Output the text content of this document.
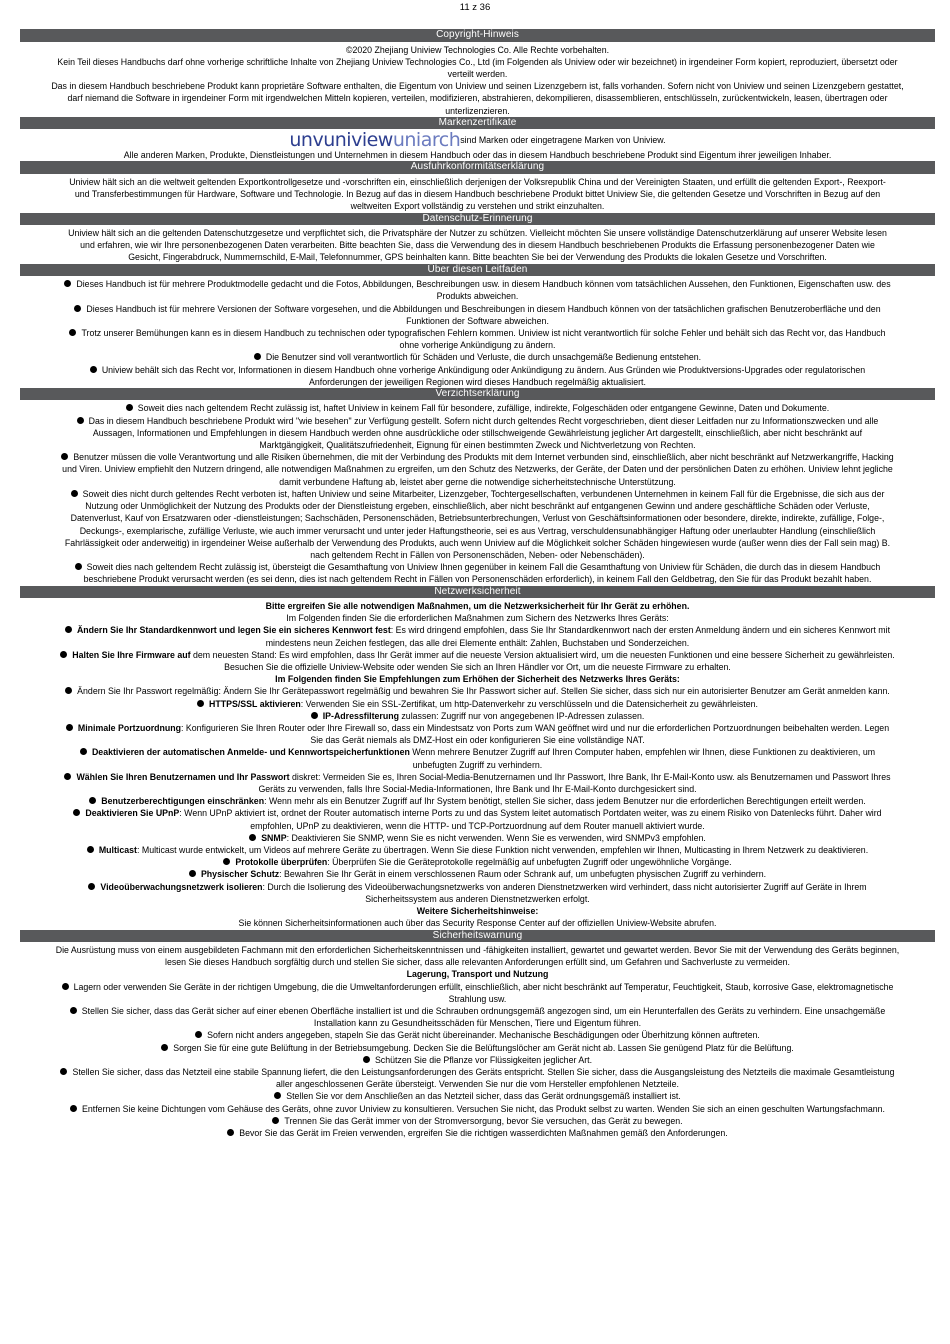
11 z 36
Copyright-Hinweis

©2020 Zhejiang Uniview Technologies Co. Alle Rechte vorbehalten.

Kein Teil dieses Handbuchs darf ohne vorherige schriftliche Inhalte von Zhejiang Uniview Technologies Co., Ltd (im Folgenden als Uniview oder wir bezeichnet) in irgendeiner Form kopiert, reproduziert, übersetzt oder verteilt werden.

Das in diesem Handbuch beschriebene Produkt kann proprietäre Software enthalten, die Eigentum von Uniview und seinen Lizenzgebern ist, falls vorhanden. Sofern nicht von Uniview und seinen Lizenzgebern gestattet, darf niemand die Software in irgendeiner Form mit irgendwelchen Mitteln kopieren, verteilen, modifizieren, abstrahieren, dekompilieren, disassemblieren, entschlüsseln, zurückentwickeln, leasen, übertragen oder unterlizenzieren.

Markenzertifikate

unvuniviewuniarchsind Marken oder eingetragene Marken von Uniview.

Alle anderen Marken, Produkte, Dienstleistungen und Unternehmen in diesem Handbuch oder das in diesem Handbuch beschriebene Produkt sind Eigentum ihrer jeweiligen Inhaber.

Ausfuhrkonformitätserklärung

Uniview hält sich an die weltweit geltenden Exportkontrollgesetze und -vorschriften ein, einschließlich derjenigen der Volksrepublik China und der Vereinigten Staaten, und erfüllt die geltenden Export-, Reexport- und Transferbestimmungen für Hardware, Software und Technologie. In Bezug auf das in diesem Handbuch beschriebene Produkt bittet Uniview Sie, die geltenden Gesetze und Vorschriften in Bezug auf den weltweiten Export vollständig zu verstehen und strikt einzuhalten.

Datenschutz-Erinnerung

Uniview hält sich an die geltenden Datenschutzgesetze und verpflichtet sich, die Privatsphäre der Nutzer zu schützen. Vielleicht möchten Sie unsere vollständige Datenschutzerklärung auf unserer Website lesen und erfahren, wie wir Ihre personenbezogenen Daten verarbeiten. Bitte beachten Sie, dass die Verwendung des in diesem Handbuch beschriebenen Produkts die Erfassung personenbezogener Daten wie Gesicht, Fingerabdruck, Nummernschild, E-Mail, Telefonnummer, GPS beinhalten kann. Bitte beachten Sie bei der Verwendung des Produkts die lokalen Gesetze und Vorschriften.

Über diesen Leitfaden

Dieses Handbuch ist für mehrere Produktmodelle gedacht und die Fotos, Abbildungen, Beschreibungen usw. in diesem Handbuch können vom tatsächlichen Aussehen, den Funktionen, Eigenschaften usw. des Produkts abweichen.

Dieses Handbuch ist für mehrere Versionen der Software vorgesehen, und die Abbildungen und Beschreibungen in diesem Handbuch können von der tatsächlichen grafischen Benutzeroberfläche und den Funktionen der Software abweichen.

Trotz unserer Bemühungen kann es in diesem Handbuch zu technischen oder typografischen Fehlern kommen. Uniview ist nicht verantwortlich für solche Fehler und behält sich das Recht vor, das Handbuch ohne vorherige Ankündigung zu ändern.

Die Benutzer sind voll verantwortlich für Schäden und Verluste, die durch unsachgemäße Bedienung entstehen.

Uniview behält sich das Recht vor, Informationen in diesem Handbuch ohne vorherige Ankündigung oder Ankündigung zu ändern. Aus Gründen wie Produktversions-Upgrades oder regulatorischen Anforderungen der jeweiligen Regionen wird dieses Handbuch regelmäßig aktualisiert.

Verzichtserklärung

Soweit dies nach geltendem Recht zulässig ist, haftet Uniview in keinem Fall für besondere, zufällige, indirekte, Folgeschäden oder entgangene Gewinne, Daten und Dokumente.

Das in diesem Handbuch beschriebene Produkt wird "wie besehen" zur Verfügung gestellt. Sofern nicht durch geltendes Recht vorgeschrieben, dient dieser Leitfaden nur zu Informationszwecken und alle Aussagen, Informationen und Empfehlungen in diesem Handbuch werden ohne ausdrückliche oder stillschweigende Gewährleistung jeglicher Art dargestellt, einschließlich, aber nicht beschränkt auf Marktgängigkeit, Qualitätszufriedenheit, Eignung für einen bestimmten Zweck und Nichtverletzung von Rechten.

Benutzer müssen die volle Verantwortung und alle Risiken übernehmen, die mit der Verbindung des Produkts mit dem Internet verbunden sind, einschließlich, aber nicht beschränkt auf Netzwerkangriffe, Hacking und Viren. Uniview empfiehlt den Nutzern dringend, alle notwendigen Maßnahmen zu ergreifen, um den Schutz des Netzwerks, der Geräte, der Daten und der persönlichen Daten zu erhöhen. Uniview lehnt jegliche damit verbundene Haftung ab, leistet aber gerne die notwendige sicherheitstechnische Unterstützung.

Soweit dies nicht durch geltendes Recht verboten ist, haften Uniview und seine Mitarbeiter, Lizenzgeber, Tochtergesellschaften, verbundenen Unternehmen in keinem Fall für die Ergebnisse, die sich aus der Nutzung oder Unmöglichkeit der Nutzung des Produkts oder der Dienstleistung ergeben, einschließlich, aber nicht beschränkt auf entgangenen Gewinn und andere geschäftliche Schäden oder Verluste, Datenverlust, Kauf von Ersatzwaren oder -dienstleistungen; Sachschäden, Personenschäden, Betriebsunterbrechungen, Verlust von Geschäftsinformationen oder besondere, direkte, indirekte, zufällige, Folge-, Deckungs-, exemplarische, zufällige Verluste, wie auch immer verursacht und unter jeder Haftungstheorie, sei es aus Vertrag, verschuldensunabhängiger Haftung oder unerlaubter Handlung (einschließlich Fahrlässigkeit oder anderweitig) in irgendeiner Weise außerhalb der Verwendung des Produkts, auch wenn Uniview auf die Möglichkeit solcher Schäden hingewiesen wurde (außer wenn dies der Fall sein mag) B. nach geltendem Recht in Fällen von Personenschäden, Neben- oder Nebenschäden).

Soweit dies nach geltendem Recht zulässig ist, übersteigt die Gesamthaftung von Uniview Ihnen gegenüber in keinem Fall die Gesamthaftung von Uniview für Schäden, die durch das in diesem Handbuch beschriebene Produkt verursacht werden (es sei denn, dies ist nach geltendem Recht in Fällen von Personenschäden erforderlich), in keinem Fall den Geldbetrag, den Sie für das Produkt bezahlt haben.

Netzwerksicherheit

Bitte ergreifen Sie alle notwendigen Maßnahmen, um die Netzwerksicherheit für Ihr Gerät zu erhöhen.

Im Folgenden finden Sie die erforderlichen Maßnahmen zum Sichern des Netzwerks Ihres Geräts:

Ändern Sie Ihr Standardkennwort und legen Sie ein sicheres Kennwort fest: Es wird dringend empfohlen, dass Sie Ihr Standardkennwort nach der ersten Anmeldung ändern und ein sicheres Kennwort mit mindestens neun Zeichen festlegen, das alle drei Elemente enthält: Zahlen, Buchstaben und Sonderzeichen.

Halten Sie Ihre Firmware auf dem neuesten Stand: Es wird empfohlen, dass Ihr Gerät immer auf die neueste Version aktualisiert wird, um die neuesten Funktionen und eine bessere Sicherheit zu gewährleisten. Besuchen Sie die offizielle Uniview-Website oder wenden Sie sich an Ihren Händler vor Ort, um die neueste Firmware zu erhalten.

Im Folgenden finden Sie Empfehlungen zum Erhöhen der Sicherheit des Netzwerks Ihres Geräts:

Ändern Sie Ihr Passwort regelmäßig: Ändern Sie Ihr Gerätepasswort regelmäßig und bewahren Sie Ihr Passwort sicher auf. Stellen Sie sicher, dass sich nur ein autorisierter Benutzer am Gerät anmelden kann.

HTTPS/SSL aktivieren: Verwenden Sie ein SSL-Zertifikat, um http-Datenverkehr zu verschlüsseln und die Datensicherheit zu gewährleisten.

IP-Adressfilterung zulassen: Zugriff nur von angegebenen IP-Adressen zulassen.

Minimale Portzuordnung: Konfigurieren Sie Ihren Router oder Ihre Firewall so, dass ein Mindestsatz von Ports zum WAN geöffnet wird und nur die erforderlichen Portzuordnungen beibehalten werden. Legen Sie das Gerät niemals als DMZ-Host ein oder konfigurieren Sie eine vollständige NAT.

Deaktivieren der automatischen Anmelde- und Kennwortspeicherfunktionen Wenn mehrere Benutzer Zugriff auf Ihren Computer haben, empfehlen wir Ihnen, diese Funktionen zu deaktivieren, um unbefugten Zugriff zu verhindern.

Wählen Sie Ihren Benutzernamen und Ihr Passwort diskret: Vermeiden Sie es, Ihren Social-Media-Benutzernamen und Ihr Passwort, Ihre Bank, Ihr E-Mail-Konto usw. als Benutzernamen und Passwort Ihres Geräts zu verwenden, falls Ihre Social-Media-Informationen, Ihre Bank und Ihr E-Mail-Konto durchgesickert sind.

Benutzerberechtigungen einschränken: Wenn mehr als ein Benutzer Zugriff auf Ihr System benötigt, stellen Sie sicher, dass jedem Benutzer nur die erforderlichen Berechtigungen erteilt werden.

Deaktivieren Sie UPnP: Wenn UPnP aktiviert ist, ordnet der Router automatisch interne Ports zu und das System leitet automatisch Portdaten weiter, was zu einem Risiko von Datenlecks führt. Daher wird empfohlen, UPnP zu deaktivieren, wenn die HTTP- und TCP-Portzuordnung auf dem Router manuell aktiviert wurde.

SNMP: Deaktivieren Sie SNMP, wenn Sie es nicht verwenden. Wenn Sie es verwenden, wird SNMPv3 empfohlen.

Multicast: Multicast wurde entwickelt, um Videos auf mehrere Geräte zu übertragen. Wenn Sie diese Funktion nicht verwenden, empfehlen wir Ihnen, Multicasting in Ihrem Netzwerk zu deaktivieren.

Protokolle überprüfen: Überprüfen Sie die Geräteprotokolle regelmäßig auf unbefugten Zugriff oder ungewöhnliche Vorgänge.

Physischer Schutz: Bewahren Sie Ihr Gerät in einem verschlossenen Raum oder Schrank auf, um unbefugten physischen Zugriff zu verhindern.

Videoüberwachungsnetzwerk isolieren: Durch die Isolierung des Videoüberwachungsnetzwerks von anderen Dienstnetzwerken wird verhindert, dass nicht autorisierter Zugriff auf Geräte in Ihrem Sicherheitssystem aus anderen Dienstnetzwerken erfolgt.

Weitere Sicherheitshinweise:

Sie können Sicherheitsinformationen auch über das Security Response Center auf der offiziellen Uniview-Website abrufen.

Sicherheitswarnung

Die Ausrüstung muss von einem ausgebildeten Fachmann mit den erforderlichen Sicherheitskenntnissen und -fähigkeiten installiert, gewartet und gewartet werden. Bevor Sie mit der Verwendung des Geräts beginnen, lesen Sie dieses Handbuch sorgfältig durch und stellen Sie sicher, dass alle relevanten Anforderungen erfüllt sind, um Gefahren und Sachverluste zu vermeiden.

Lagerung, Transport und Nutzung

Lagern oder verwenden Sie Geräte in der richtigen Umgebung, die die Umweltanforderungen erfüllt, einschließlich, aber nicht beschränkt auf Temperatur, Feuchtigkeit, Staub, korrosive Gase, elektromagnetische Strahlung usw.

Stellen Sie sicher, dass das Gerät sicher auf einer ebenen Oberfläche installiert ist und die Schrauben ordnungsgemäß angezogen sind, um ein Herunterfallen des Geräts zu verhindern. Eine unsachgemäße Installation kann zu Gesundheitsschäden für Menschen, Tiere und Eigentum führen.

Sofern nicht anders angegeben, stapeln Sie das Gerät nicht übereinander. Mechanische Beschädigungen oder Überhitzung können auftreten.

Sorgen Sie für eine gute Belüftung in der Betriebsumgebung. Decken Sie die Belüftungslöcher am Gerät nicht ab. Lassen Sie genügend Platz für die Belüftung.

Schützen Sie die Pflanze vor Flüssigkeiten jeglicher Art.

Stellen Sie sicher, dass das Netzteil eine stabile Spannung liefert, die den Leistungsanforderungen des Geräts entspricht. Stellen Sie sicher, dass die Ausgangsleistung des Netzteils die maximale Gesamtleistung aller angeschlossenen Geräte übersteigt. Verwenden Sie nur die vom Hersteller empfohlenen Netzteile.

Stellen Sie vor dem Anschließen an das Netzteil sicher, dass das Gerät ordnungsgemäß installiert ist.

Entfernen Sie keine Dichtungen vom Gehäuse des Geräts, ohne zuvor Uniview zu konsultieren. Versuchen Sie nicht, das Produkt selbst zu warten. Wenden Sie sich an einen geschulten Wartungsfachmann.

Trennen Sie das Gerät immer von der Stromversorgung, bevor Sie versuchen, das Gerät zu bewegen.

Bevor Sie das Gerät im Freien verwenden, ergreifen Sie die richtigen wasserdichten Maßnahmen gemäß den Anforderungen.
